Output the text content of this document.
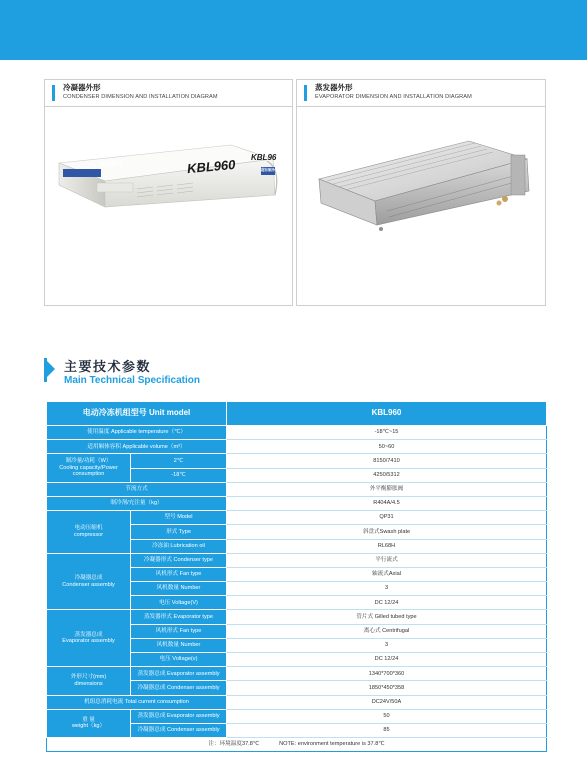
冷凝器外形
CONDENSER DIMENSION AND INSTALLATION DIAGRAM
超有制冷	KBL960 KBL96
超有制冷
蒸发器外形
EVAPORATOR DIMENSION AND INSTALLATION DIAGRAM
主要技术参数
Main Technical Specification
电动冷冻机组型号 Unit model		KBL960
使用温度 Applicable temperature（℃）		-18℃~15
适用厢体容积 Applicable volume（m³）		50~60
制冷量/功耗（W）
Cooling capacity/Power consumption	2℃	8150/7410
	-18℃	4250/5312
节流方式		外平衡膨胀阀
制冷剂/充注量（kg）		R404A/4.5
电动压缩机
compressor	型号 Model	QP31
	形式 Type	斜盘式Swash plate
	冷冻油 Lubrication oil	RL68H
冷凝器总成
Condenser assembly	冷凝器形式 Condenser type	平行流式
	风机形式 Fan type	轴流式Axial
	风机数量 Number	3
	电压 Voltage(V)	DC 12/24
蒸发器总成
Evaporator assembly	蒸发器形式 Evaporator type	管片式 Gilled tubed type
	风机形式 Fan type	离心式 Centrifugal
	风机数量 Number	3
	电压 Voltage(v)	DC 12/24
外形尺寸(mm)
dimensions	蒸发器总成 Evaporator assembly	1340*700*360
	冷凝器总成 Condenser assembly	1850*450*358
机组总消耗电流 Total current consumption		DC24V/50A
重 量
weight（kg）	蒸发器总成 Evaporator assembly	50
	冷凝器总成 Condenser assembly	85
注：环境温度37.8℃ NOTE: environment temperature is 37.8℃		
